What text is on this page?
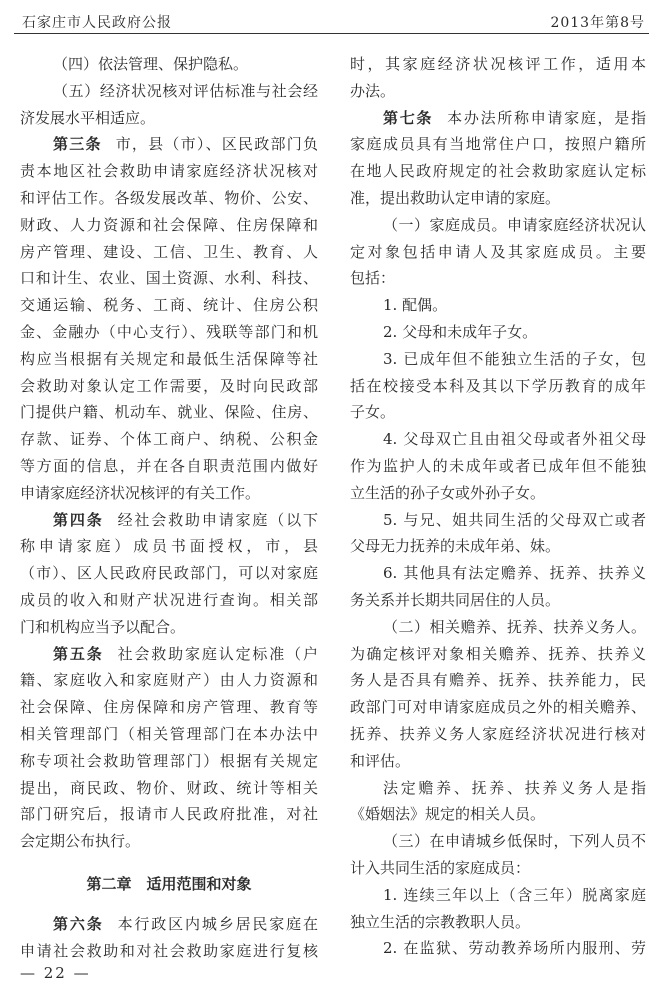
石家庄市人民政府公报	2013年第8号
（四）依法管理、保护隐私。
（五）经济状况核对评估标准与社会经
济发展水平相适应。
第三条 市，县（市）、区民政部门负
责本地区社会救助申请家庭经济状况核对
和评估工作。各级发展改革、物价、公安、
财政、人力资源和社会保障、住房保障和
房产管理、建设、工信、卫生、教育、人
口和计生、农业、国土资源、水利、科技、
交通运输、税务、工商、统计、住房公积
金、金融办（中心支行）、残联等部门和机
构应当根据有关规定和最低生活保障等社
会救助对象认定工作需要，及时向民政部
门提供户籍、机动车、就业、保险、住房、
存款、证券、个体工商户、纳税、公积金
等方面的信息，并在各自职责范围内做好
申请家庭经济状况核评的有关工作。
第四条 经社会救助申请家庭（以下
称申请家庭）成员书面授权，市，县
（市）、区人民政府民政部门，可以对家庭
成员的收入和财产状况进行查询。相关部
门和机构应当予以配合。
第五条 社会救助家庭认定标准（户
籍、家庭收入和家庭财产）由人力资源和
社会保障、住房保障和房产管理、教育等
相关管理部门（相关管理部门在本办法中
称专项社会救助管理部门）根据有关规定
提出，商民政、物价、财政、统计等相关
部门研究后，报请市人民政府批准，对社
会定期公布执行。
第二章　适用范围和对象
第六条 本行政区内城乡居民家庭在
申请社会救助和对社会救助家庭进行复核
时，其家庭经济状况核评工作，适用本
办法。
第七条 本办法所称申请家庭，是指
家庭成员具有当地常住户口，按照户籍所
在地人民政府规定的社会救助家庭认定标
准，提出救助认定申请的家庭。
（一）家庭成员。申请家庭经济状况认
定对象包括申请人及其家庭成员。主要
包括：
1. 配偶。
2. 父母和未成年子女。
3. 已成年但不能独立生活的子女，包
括在校接受本科及其以下学历教育的成年
子女。
4. 父母双亡且由祖父母或者外祖父母
作为监护人的未成年或者已成年但不能独
立生活的孙子女或外孙子女。
5. 与兄、姐共同生活的父母双亡或者
父母无力抚养的未成年弟、妹。
6. 其他具有法定赡养、抚养、扶养义
务关系并长期共同居住的人员。
（二）相关赡养、抚养、扶养义务人。
为确定核评对象相关赡养、抚养、扶养义
务人是否具有赡养、抚养、扶养能力，民
政部门可对申请家庭成员之外的相关赡养、
抚养、扶养义务人家庭经济状况进行核对
和评估。
法定赡养、抚养、扶养义务人是指
《婚姻法》规定的相关人员。
（三）在申请城乡低保时，下列人员不
计入共同生活的家庭成员：
1. 连续三年以上（含三年）脱离家庭
独立生活的宗教教职人员。
2. 在监狱、劳动教养场所内服刑、劳
— 22 —
